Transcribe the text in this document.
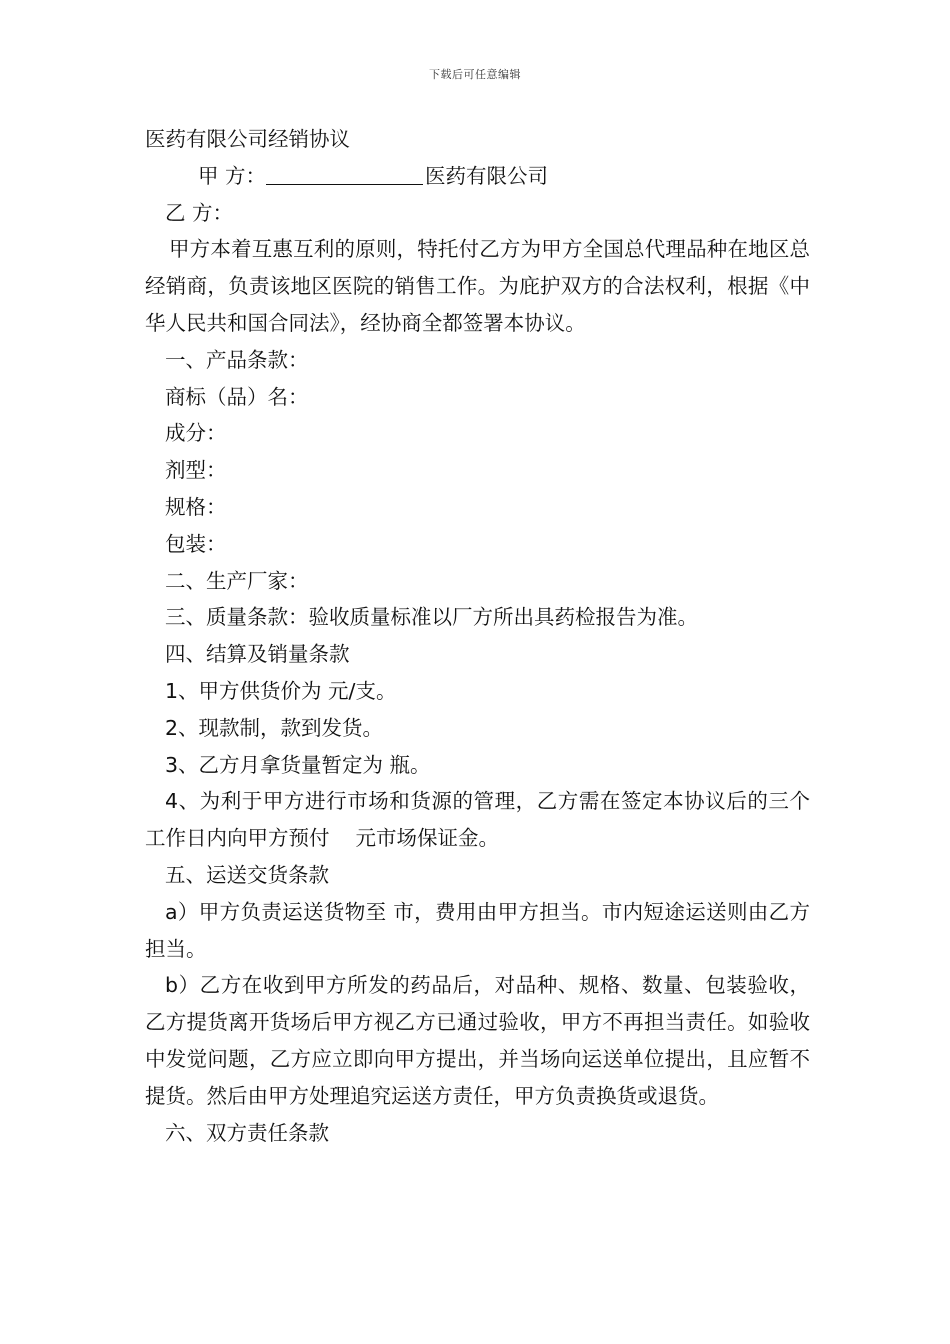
下载后可任意编辑
医药有限公司经销协议
甲 方：	医药有限公司
乙 方：
甲方本着互惠互利的原则，特托付乙方为甲方全国总代理品种在地区总经销商，负责该地区医院的销售工作。为庇护双方的合法权利，根据《中华人民共和国合同法》，经协商全都签署本协议。
一、产品条款：
商标（品）名：
成分：
剂型：
规格：
包装：
二、生产厂家：
三、质量条款：验收质量标准以厂方所出具药检报告为准。
四、结算及销量条款
1、甲方供货价为 元/支。
2、现款制，款到发货。
3、乙方月拿货量暂定为 瓶。
4、为利于甲方进行市场和货源的管理，乙方需在签定本协议后的三个工作日内向甲方预付 元市场保证金。
五、运送交货条款
a）甲方负责运送货物至 市，费用由甲方担当。市内短途运送则由乙方担当。
b）乙方在收到甲方所发的药品后，对品种、规格、数量、包装验收，乙方提货离开货场后甲方视乙方已通过验收，甲方不再担当责任。如验收中发觉问题，乙方应立即向甲方提出，并当场向运送单位提出，且应暂不提货。然后由甲方处理追究运送方责任，甲方负责换货或退货。
六、双方责任条款
